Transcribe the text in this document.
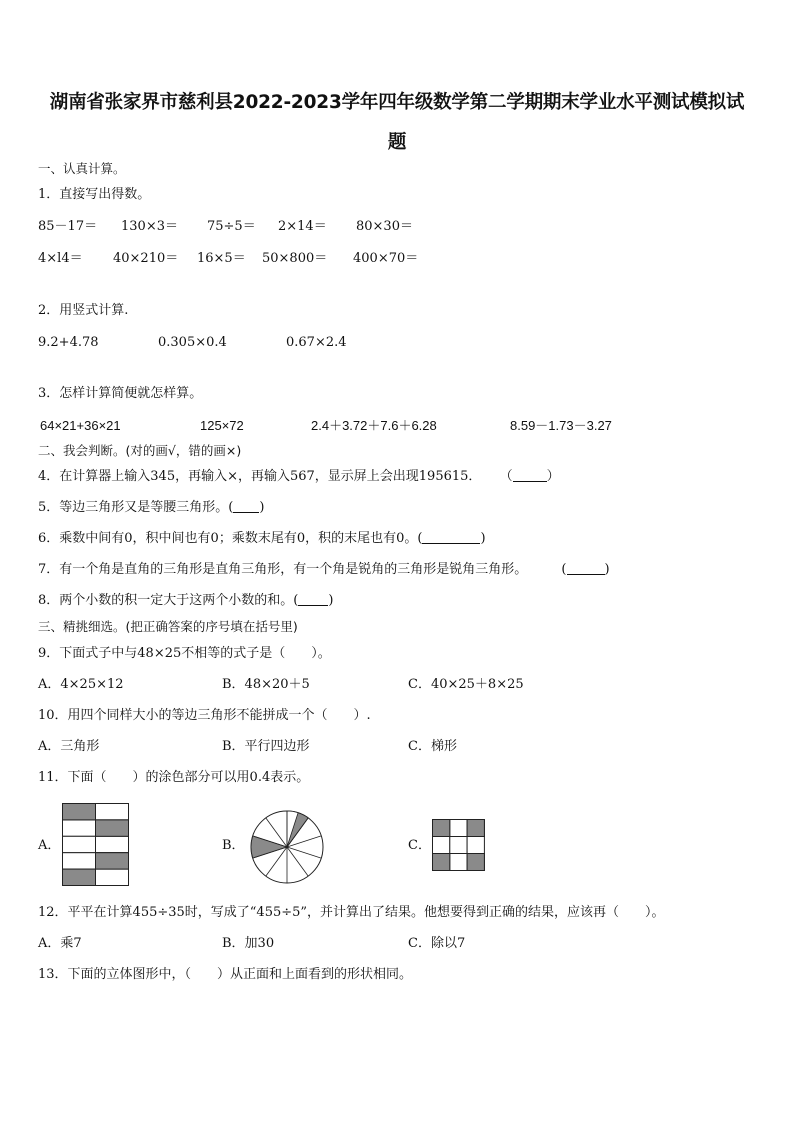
湖南省张家界市慈利县2022-2023学年四年级数学第二学期期末学业水平测试模拟试
题
一、认真计算。
1．直接写出得数。
85－17＝ 130×3＝ 75÷5＝ 2×14＝ 80×30＝
4×l4＝ 40×210＝ 16×5＝ 50×800＝ 400×70＝
2．用竖式计算.
9.2+4.78	0.305×0.4	0.67×2.4
3．怎样计算简便就怎样算。
64×21+36×21	125×72	2.4＋3.72＋7.6＋6.28	8.59－1.73－3.27
二、我会判断。(对的画√，错的画×)
4．在计算器上输入345，再输入×，再输入567，显示屏上会出现195615． （	）
5．等边三角形又是等腰三角形。( )
6．乘数中间有0，积中间也有0；乘数末尾有0，积的末尾也有0。(	)
7．有一个角是直角的三角形是直角三角形，有一个角是锐角的三角形是锐角三角形。	(	)
8．两个小数的积一定大于这两个小数的和。( )
三、精挑细选。(把正确答案的序号填在括号里)
9．下面式子中与48×25不相等的式子是（　　）。
A．4×25×12	B．48×20＋5	C．40×25＋8×25
10．用四个同样大小的等边三角形不能拼成一个（　　）.
A．三角形	B．平行四边形	C．梯形
11．下面（　　）的涂色部分可以用0.4表示。
A．	B．	C．
12．平平在计算455÷35时，写成了“455÷5”，并计算出了结果。他想要得到正确的结果，应该再（　　）。
A．乘7	B．加30	C．除以7
13．下面的立体图形中，（　　）从正面和上面看到的形状相同。
